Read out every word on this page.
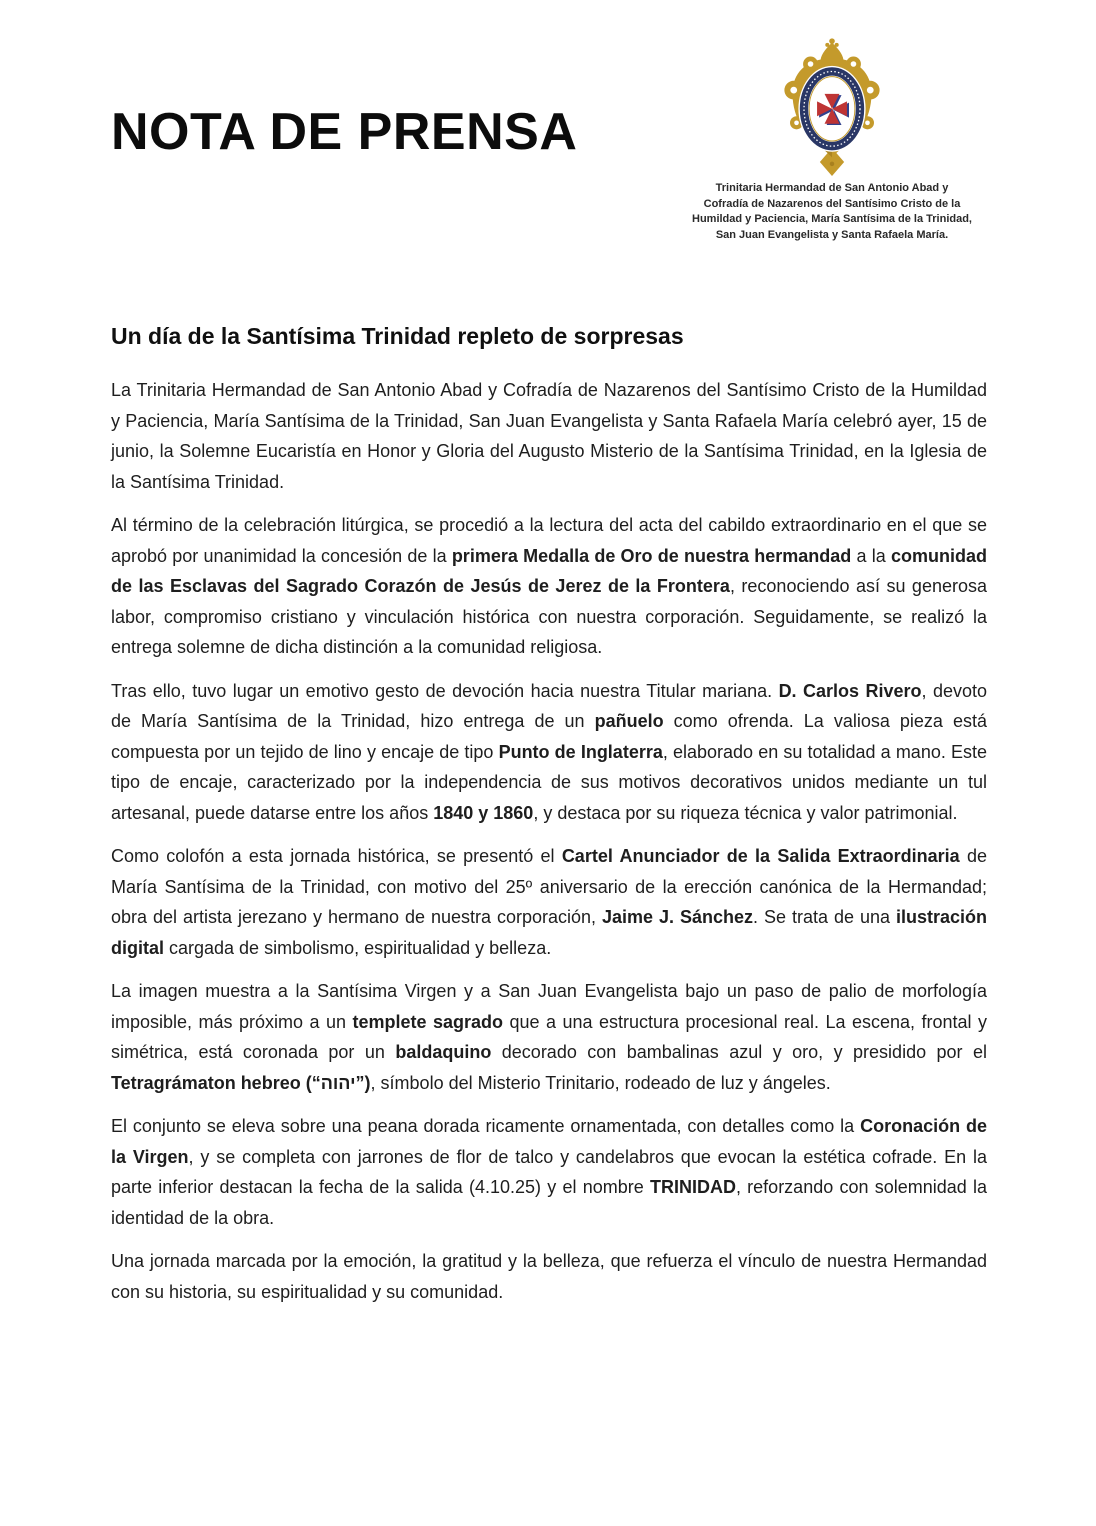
NOTA DE PRENSA
Trinitaria Hermandad de San Antonio Abad y
Cofradía de Nazarenos del Santísimo Cristo de la
Humildad y Paciencia, María Santísima de la Trinidad,
San Juan Evangelista y Santa Rafaela María.
Un día de la Santísima Trinidad repleto de sorpresas

La Trinitaria Hermandad de San Antonio Abad y Cofradía de Nazarenos del Santísimo Cristo de la Humildad y Paciencia, María Santísima de la Trinidad, San Juan Evangelista y Santa Rafaela María celebró ayer, 15 de junio, la Solemne Eucaristía en Honor y Gloria del Augusto Misterio de la Santísima Trinidad, en la Iglesia de la Santísima Trinidad.

Al término de la celebración litúrgica, se procedió a la lectura del acta del cabildo extraordinario en el que se aprobó por unanimidad la concesión de la primera Medalla de Oro de nuestra hermandad a la comunidad de las Esclavas del Sagrado Corazón de Jesús de Jerez de la Frontera, reconociendo así su generosa labor, compromiso cristiano y vinculación histórica con nuestra corporación. Seguidamente, se realizó la entrega solemne de dicha distinción a la comunidad religiosa.

Tras ello, tuvo lugar un emotivo gesto de devoción hacia nuestra Titular mariana. D. Carlos Rivero, devoto de María Santísima de la Trinidad, hizo entrega de un pañuelo como ofrenda. La valiosa pieza está compuesta por un tejido de lino y encaje de tipo Punto de Inglaterra, elaborado en su totalidad a mano. Este tipo de encaje, caracterizado por la independencia de sus motivos decorativos unidos mediante un tul artesanal, puede datarse entre los años 1840 y 1860, y destaca por su riqueza técnica y valor patrimonial.

Como colofón a esta jornada histórica, se presentó el Cartel Anunciador de la Salida Extraordinaria de María Santísima de la Trinidad, con motivo del 25º aniversario de la erección canónica de la Hermandad; obra del artista jerezano y hermano de nuestra corporación, Jaime J. Sánchez. Se trata de una ilustración digital cargada de simbolismo, espiritualidad y belleza.

La imagen muestra a la Santísima Virgen y a San Juan Evangelista bajo un paso de palio de morfología imposible, más próximo a un templete sagrado que a una estructura procesional real. La escena, frontal y simétrica, está coronada por un baldaquino decorado con bambalinas azul y oro, y presidido por el Tetragrámaton hebreo (“יהוה”), símbolo del Misterio Trinitario, rodeado de luz y ángeles.

El conjunto se eleva sobre una peana dorada ricamente ornamentada, con detalles como la Coronación de la Virgen, y se completa con jarrones de flor de talco y candelabros que evocan la estética cofrade. En la parte inferior destacan la fecha de la salida (4.10.25) y el nombre TRINIDAD, reforzando con solemnidad la identidad de la obra.

Una jornada marcada por la emoción, la gratitud y la belleza, que refuerza el vínculo de nuestra Hermandad con su historia, su espiritualidad y su comunidad.
